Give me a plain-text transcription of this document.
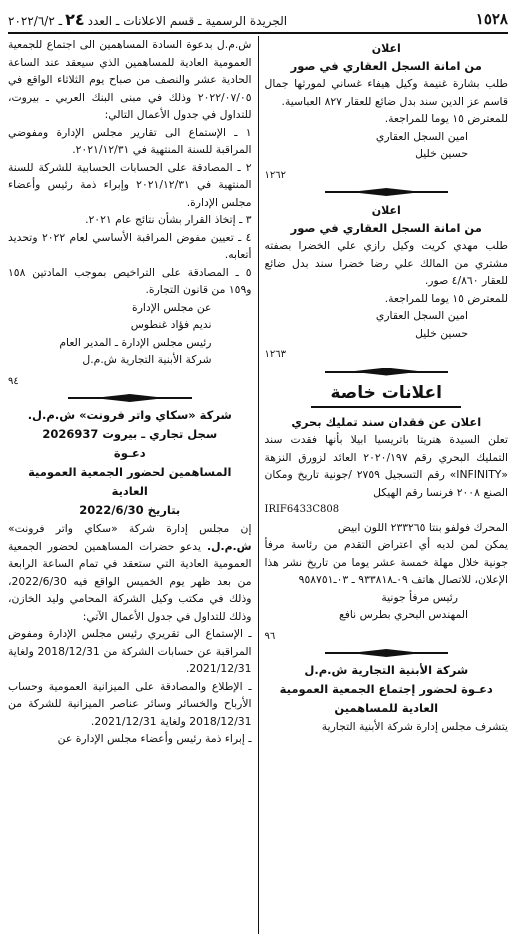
١٥٢٨
الجريدة الرسمية ـ قسم الاعلانات ـ العدد٢٤ـ ٢٠٢٢/٦/٢
اعلان
من امانة السجل العقاري في صور

طلب بشارة غنيمة وكيل هيفاء غساني لمورثها جمال قاسم عز الدين سند بدل ضائع للعقار ٨٢٧ العباسية.

للمعترض ١٥ يوما للمراجعة.

امين السجل العقاري

حسين خليل

١٢٦٢

اعلان
من امانة السجل العقاري في صور

طلب مهدي كريت وكيل رازي علي الخضرا بصفته مشتري من المالك علي رضا خضرا سند بدل ضائع للعقار ٤/٨٦٠ صور.

للمعترض ١٥ يوما للمراجعة.

امين السجل العقاري

حسين خليل

١٢٦٣

اعلانات خاصة
اعلان عن فقدان سند تمليك بحري

تعلن السيدة هنريتا باتريسيا ابيلا بأنها فقدت سند التمليك البحري رقم ٢٠٢٠/١٩٧ العائد لزورق النزهة «INFINITY» رقم التسجيل ٢٧٥٩ /جونية تاريخ ومكان الصنع ٢٠٠٨ فرنسا رقم الهيكل

IRIF6433C808

المحرك فولفو بنتا ٢٣٣٢٦٥ اللون ابيض

يمكن لمن لديه أي اعتراض التقدم من رئاسة مرفأ جونية خلال مهلة خمسة عشر يوما من تاريخ نشر هذا الإعلان، للاتصال هاتف ٠٩ـ٩٣٣٨١٨ ـ ٠٣ـ٩٥٨٧٥١

رئيس مرفأ جونية

المهندس البحري بطرس نافع

٩٦

شركة الأبنية التجارية ش.م.ل
دعـوة لحضور إجتماع الجمعية العمومية
العادية للمساهمين

يتشرف مجلس إدارة شركة الأبنية التجارية

ش.م.ل بدعوة السادة المساهمين الى اجتماع للجمعية العمومية العادية للمساهمين الذي سيعقد عند الساعة الحادية عشر والنصف من صباح يوم الثلاثاء الواقع في ٢٠٢٢/٠٧/٠٥ وذلك في مبنى البنك العربي ـ بيروت، للتداول في جدول الأعمال التالي:

١ ـ الإستماع الى تقارير مجلس الإدارة ومفوضي المراقبة للسنة المنتهية في ٢٠٢١/١٢/٣١.

٢ ـ المصادقة على الحسابات الحسابية للشركة للسنة المنتهية في ٢٠٢١/١٢/٣١ وإبراء ذمة رئيس وأعضاء مجلس الإدارة.

٣ ـ إتخاذ القرار بشأن نتائج عام ٢٠٢١.

٤ ـ تعيين مفوض المراقبة الأساسي لعام ٢٠٢٢ وتحديد أتعابه.

٥ ـ المصادقة على التراخيص بموجب المادتين ١٥٨ و١٥٩ من قانون التجارة.

عن مجلس الإدارة

نديم فؤاد غنطوس

رئيس مجلس الإدارة ـ المدير العام

شركة الأبنية التجارية ش.م.ل

٩٤

شركة «سكاي واتر فرونت» ش.م.ل.
سجل تجاري ـ بيروت 2026937
دعـوة
المساهمين لحضور الجمعية العمومية العادية
بتاريخ 2022/6/30

إن مجلس إدارة شركة «سكاي واتر فرونت» ش.م.ل. يدعو حضرات المساهمين لحضور الجمعية العمومية العادية التي ستعقد في تمام الساعة الرابعة من بعد ظهر يوم الخميس الواقع فيه 2022/6/30، وذلك في مكتب وكيل الشركة المحامي وليد الخازن، وذلك للتداول في جدول الأعمال الآتي:

ـ الإستماع الى تقريري رئيس مجلس الإدارة ومفوض المراقبة عن حسابات الشركة من 2018/12/31 ولغاية 2021/12/31.

ـ الإطلاع والمصادقة على الميزانية العمومية وحساب الأرباح والخسائر وسائر عناصر الميزانية للشركة من 2018/12/31 ولغاية 2021/12/31.

ـ إبراء ذمة رئيس وأعضاء مجلس الإدارة عن
